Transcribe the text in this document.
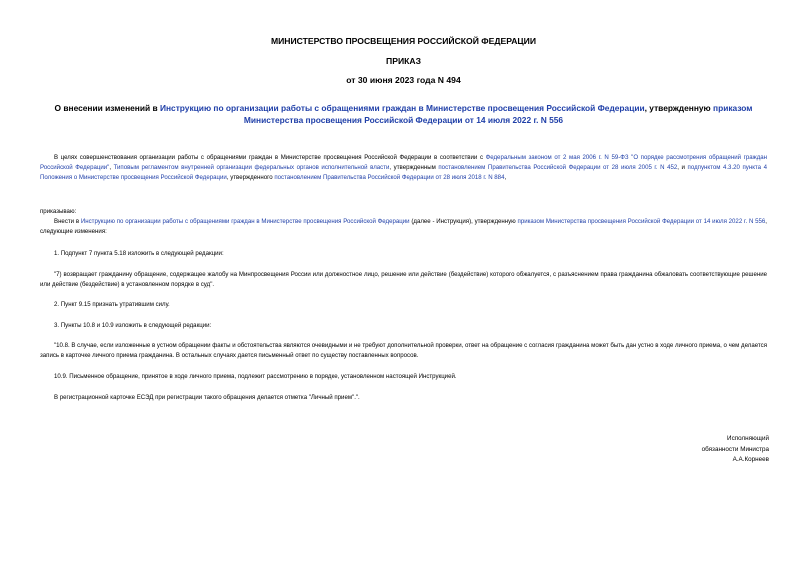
МИНИСТЕРСТВО ПРОСВЕЩЕНИЯ РОССИЙСКОЙ ФЕДЕРАЦИИ
ПРИКАЗ
от 30 июня 2023 года N 494
О внесении изменений в Инструкцию по организации работы с обращениями граждан в Министерстве просвещения Российской Федерации, утвержденную приказом Министерства просвещения Российской Федерации от 14 июля 2022 г. N 556
В целях совершенствования организации работы с обращениями граждан в Министерстве просвещения Российской Федерации в соответствии с Федеральным законом от 2 мая 2006 г. N 59-ФЗ "О порядке рассмотрения обращений граждан Российской Федерации", Типовым регламентом внутренней организации федеральных органов исполнительной власти, утвержденным постановлением Правительства Российской Федерации от 28 июля 2005 г. N 452, и подпунктом 4.3.20 пункта 4 Положения о Министерстве просвещения Российской Федерации, утвержденного постановлением Правительства Российской Федерации от 28 июля 2018 г. N 884,
приказываю:
Внести в Инструкцию по организации работы с обращениями граждан в Министерстве просвещения Российской Федерации (далее - Инструкция), утвержденную приказом Министерства просвещения Российской Федерации от 14 июля 2022 г. N 556, следующие изменения:
1. Подпункт 7 пункта 5.18 изложить в следующей редакции:
"7) возвращает гражданину обращение, содержащее жалобу на Минпросвещения России или должностное лицо, решение или действие (бездействие) которого обжалуется, с разъяснением права гражданина обжаловать соответствующие решение или действие (бездействие) в установленном порядке в суд".
2. Пункт 9.15 признать утратившим силу.
3. Пункты 10.8 и 10.9 изложить в следующей редакции:
"10.8. В случае, если изложенные в устном обращении факты и обстоятельства являются очевидными и не требуют дополнительной проверки, ответ на обращение с согласия гражданина может быть дан устно в ходе личного приема, о чем делается запись в карточке личного приема гражданина. В остальных случаях дается письменный ответ по существу поставленных вопросов.
10.9. Письменное обращение, принятое в ходе личного приема, подлежит рассмотрению в порядке, установленном настоящей Инструкцией.
В регистрационной карточке ЕСЭД при регистрации такого обращения делается отметка "Личный прием".".
Исполняющий
обязанности Министра
А.А.Корнеев
